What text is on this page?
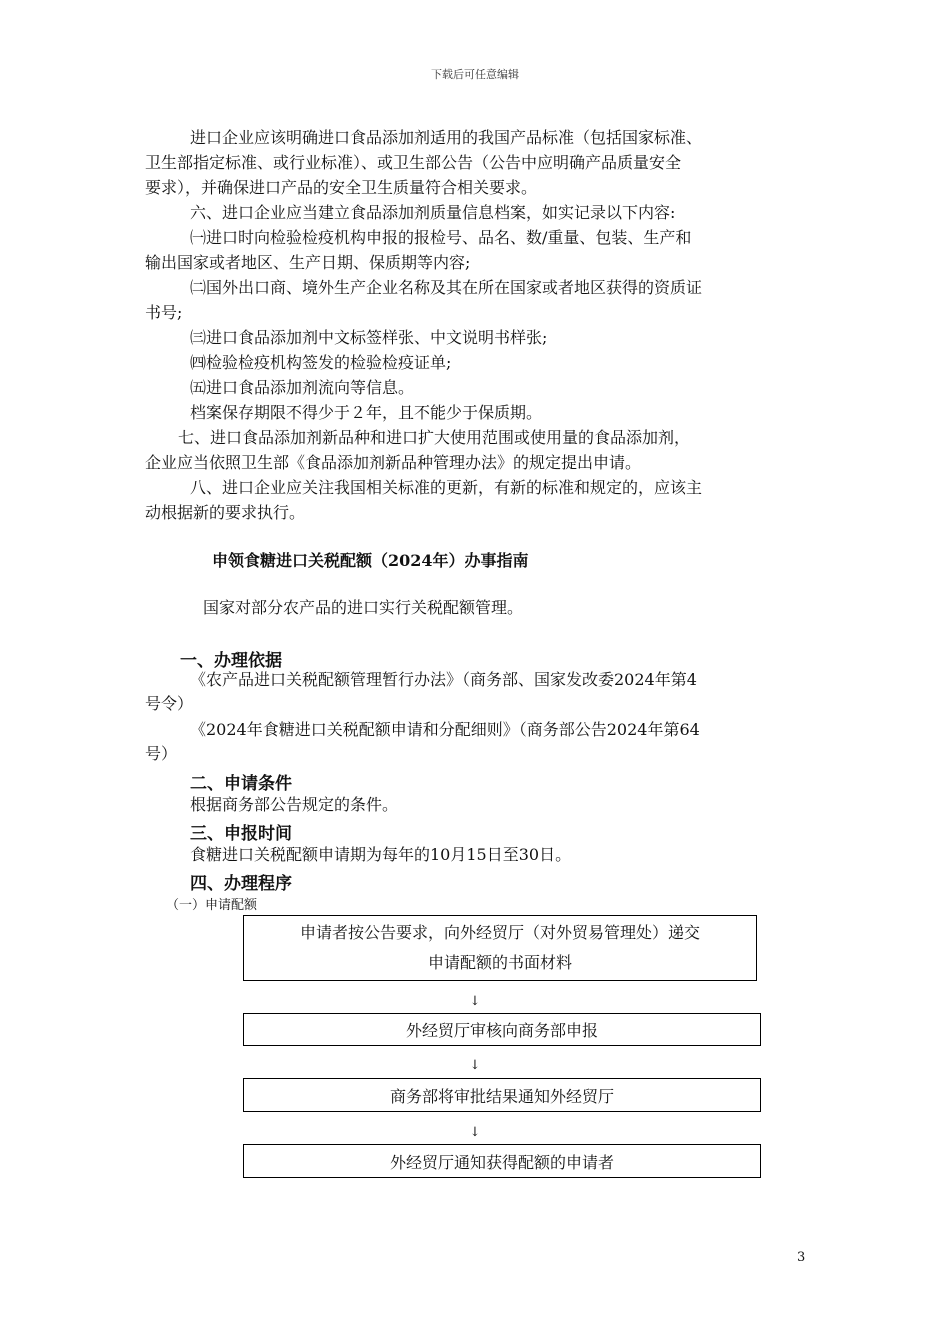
下载后可任意编辑
进口企业应该明确进口食品添加剂适用的我国产品标准（包括国家标准、
卫生部指定标准、或行业标准）、或卫生部公告（公告中应明确产品质量安全
要求），并确保进口产品的安全卫生质量符合相关要求。
六、进口企业应当建立食品添加剂质量信息档案，如实记录以下内容:
㈠进口时向检验检疫机构申报的报检号、品名、数/重量、包装、生产和
输出国家或者地区、生产日期、保质期等内容;
㈡国外出口商、境外生产企业名称及其在所在国家或者地区获得的资质证
书号;
㈢进口食品添加剂中文标签样张、中文说明书样张;
㈣检验检疫机构签发的检验检疫证单;
㈤进口食品添加剂流向等信息。
档案保存期限不得少于２年，且不能少于保质期。
七、进口食品添加剂新品种和进口扩大使用范围或使用量的食品添加剂，
企业应当依照卫生部《食品添加剂新品种管理办法》的规定提出申请。
八、进口企业应关注我国相关标准的更新，有新的标准和规定的，应该主
动根据新的要求执行。
申领食糖进口关税配额（2024年）办事指南
国家对部分农产品的进口实行关税配额管理。
一、办理依据
《农产品进口关税配额管理暂行办法》（商务部、国家发改委2024年第4
号令）
《2024年食糖进口关税配额申请和分配细则》（商务部公告2024年第64
号）
二、申请条件
根据商务部公告规定的条件。
三、申报时间
食糖进口关税配额申请期为每年的10月15日至30日。
四、办理程序
（一）申请配额
申请者按公告要求，向外经贸厅（对外贸易管理处）递交
申请配额的书面材料
↓
外经贸厅审核向商务部申报
↓
商务部将审批结果通知外经贸厅
↓
外经贸厅通知获得配额的申请者
3
